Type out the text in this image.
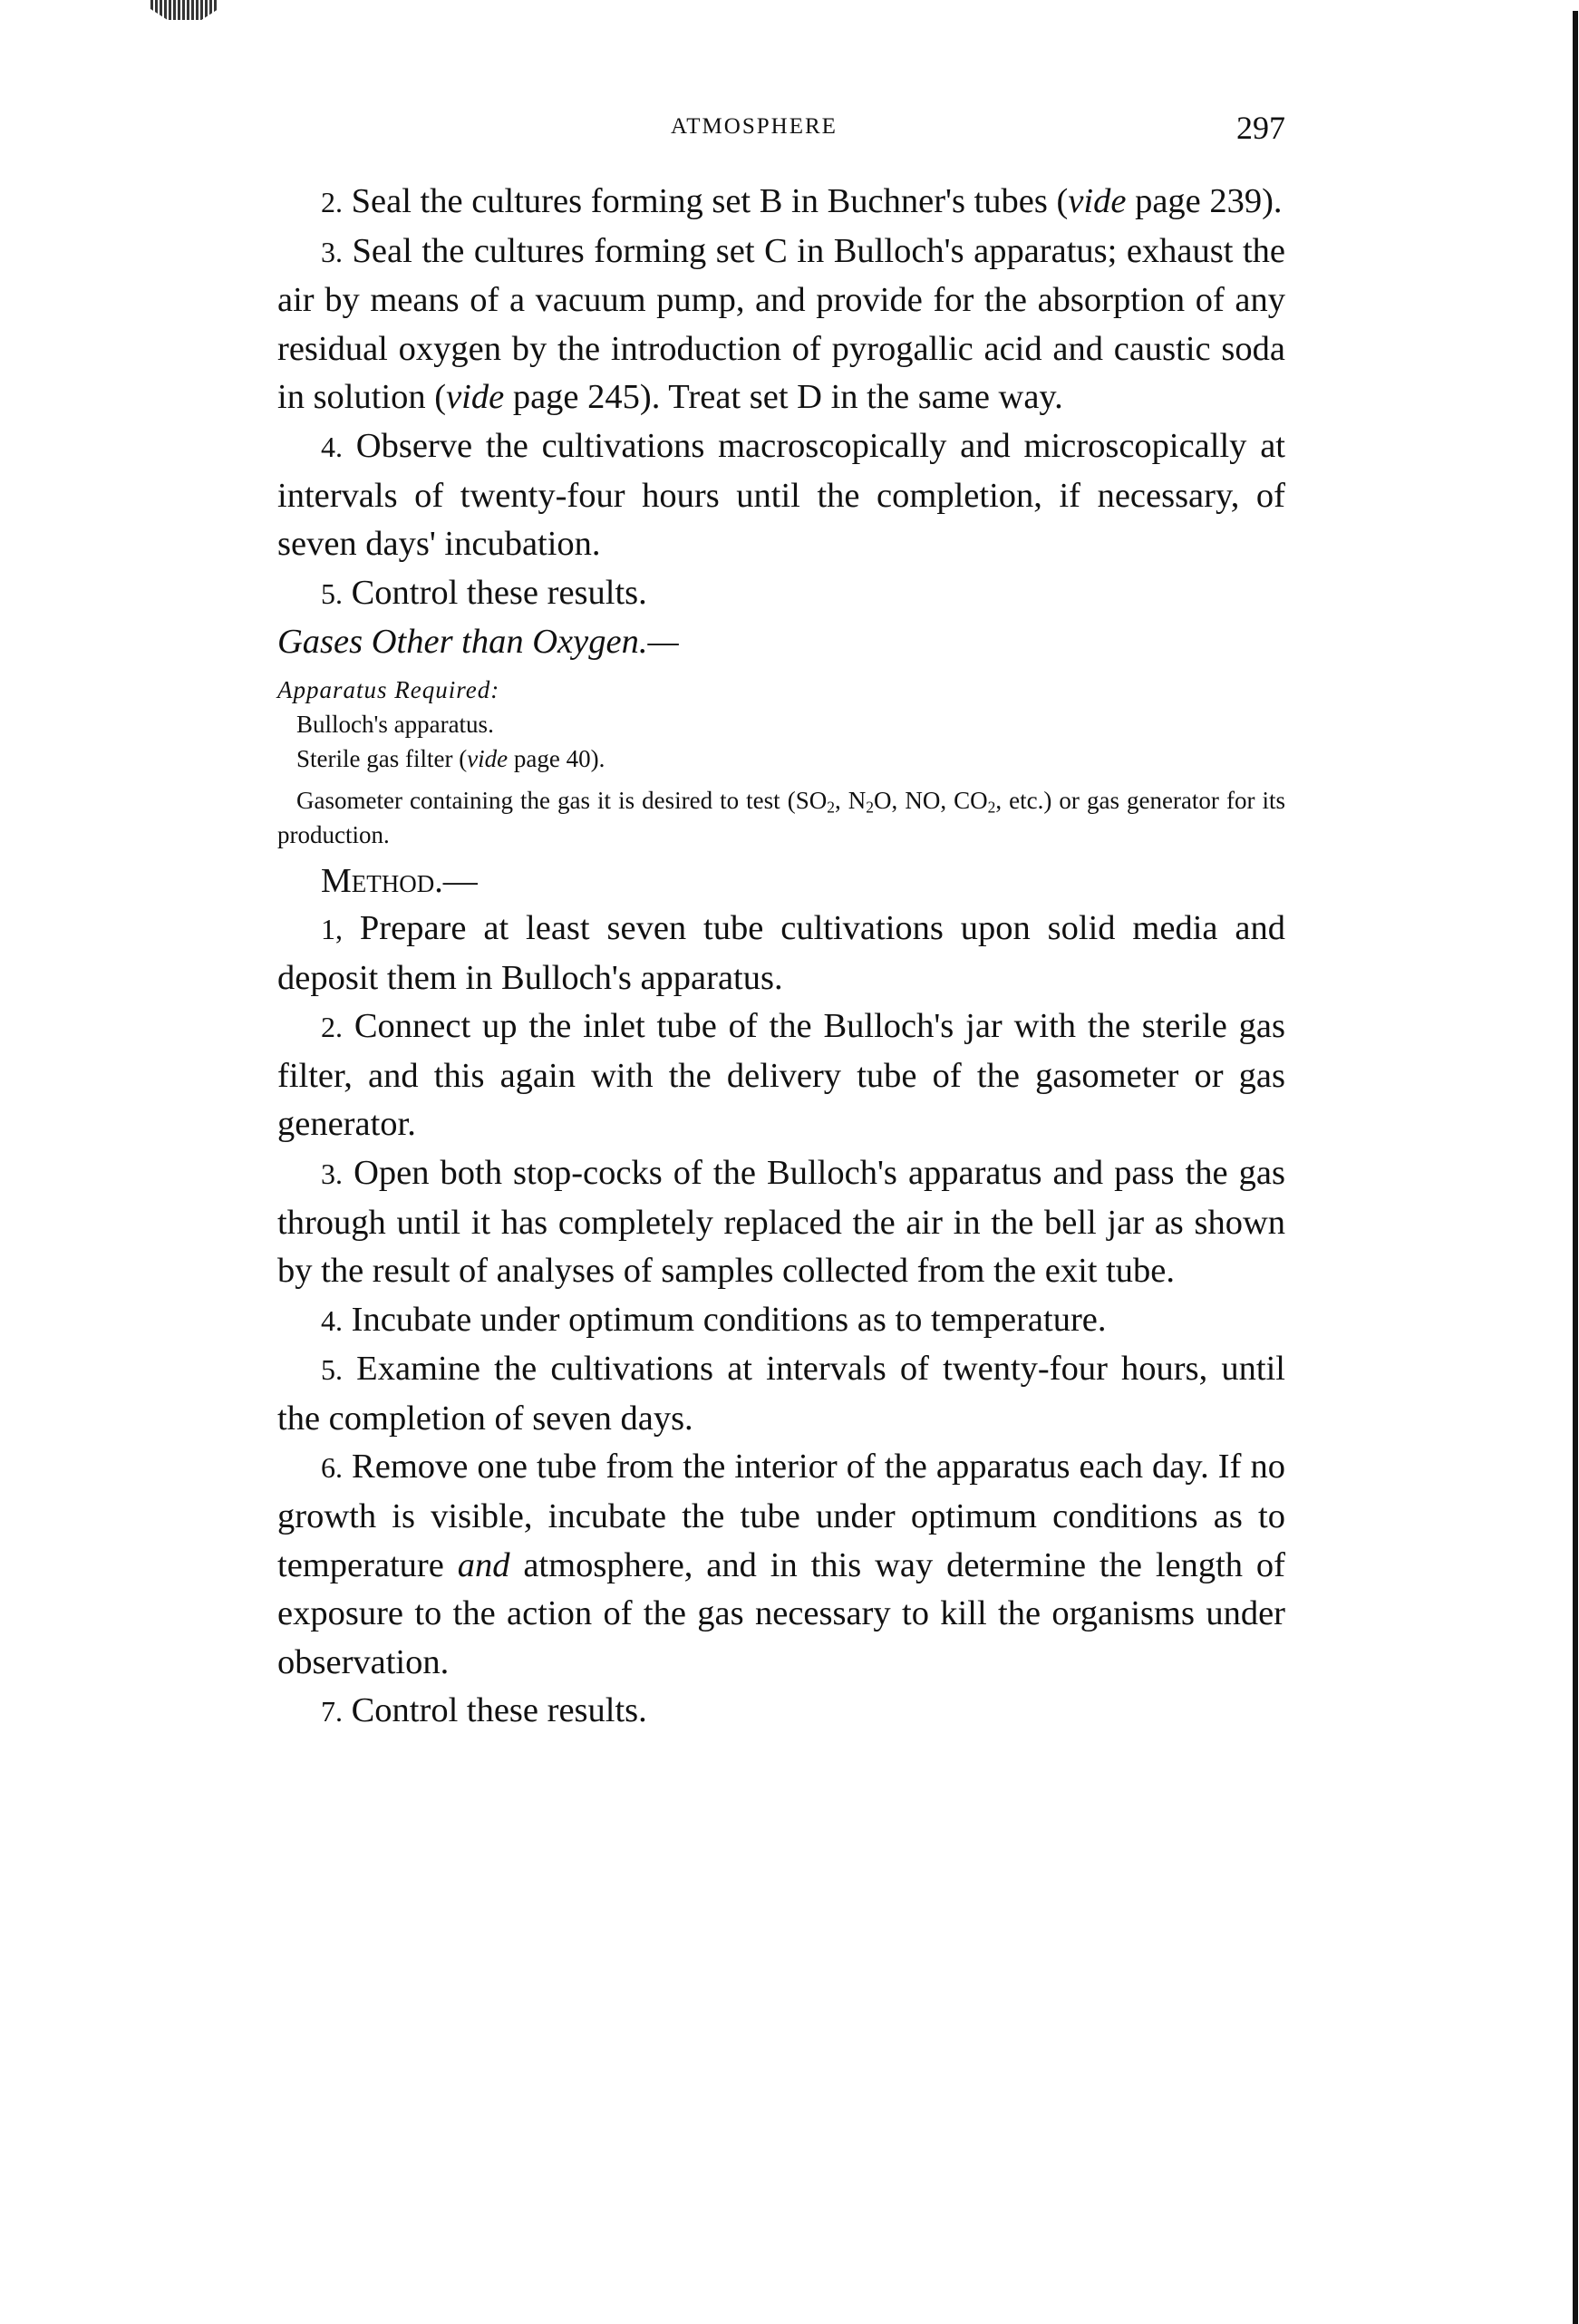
ATMOSPHERE	297

2. Seal the cultures forming set B in Buchner's tubes (vide page 239).

3. Seal the cultures forming set C in Bulloch's apparatus; exhaust the air by means of a vacuum pump, and provide for the absorption of any residual oxygen by the introduction of pyrogallic acid and caustic soda in solution (vide page 245). Treat set D in the same way.

4. Observe the cultivations macroscopically and microscopically at intervals of twenty-four hours until the completion, if necessary, of seven days' incubation.

5. Control these results.

Gases Other than Oxygen.—

Apparatus Required:

Bulloch's apparatus.

Sterile gas filter (vide page 40).

Gasometer containing the gas it is desired to test ($SO_2$, $N_2O$, NO, $CO_2$, etc.) or gas generator for its production.

Method.—

1, Prepare at least seven tube cultivations upon solid media and deposit them in Bulloch's apparatus.

2. Connect up the inlet tube of the Bulloch's jar with the sterile gas filter, and this again with the delivery tube of the gasometer or gas generator.

3. Open both stop-cocks of the Bulloch's apparatus and pass the gas through until it has completely replaced the air in the bell jar as shown by the result of analyses of samples collected from the exit tube.

4. Incubate under optimum conditions as to temperature.

5. Examine the cultivations at intervals of twenty-four hours, until the completion of seven days.

6. Remove one tube from the interior of the apparatus each day. If no growth is visible, incubate the tube under optimum conditions as to temperature and atmosphere, and in this way determine the length of exposure to the action of the gas necessary to kill the organisms under observation.

7. Control these results.
